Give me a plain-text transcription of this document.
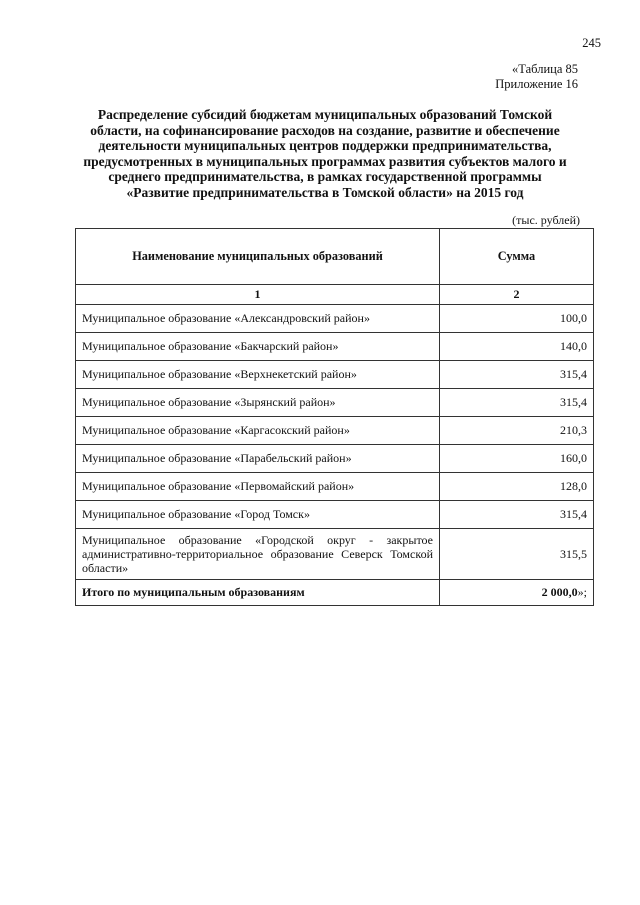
245
«Таблица 85
Приложение 16
Распределение субсидий бюджетам муниципальных образований Томской
области, на софинансирование расходов на создание, развитие и обеспечение
деятельности муниципальных центров поддержки предпринимательства,
предусмотренных в муниципальных программах развития субъектов малого и
среднего предпринимательства, в рамках государственной программы
«Развитие предпринимательства в Томской области» на 2015 год
(тыс. рублей)
Наименование муниципальных образований	Сумма
1	2
Муниципальное образование «Александровский район»	100,0
Муниципальное образование «Бакчарский район»	140,0
Муниципальное образование «Верхнекетский район»	315,4
Муниципальное образование «Зырянский район»	315,4
Муниципальное образование «Каргасокский район»	210,3
Муниципальное образование «Парабельский район»	160,0
Муниципальное образование «Первомайский район»	128,0
Муниципальное образование «Город Томск»	315,4
Муниципальное образование «Городской округ - закрытое административно-территориальное образование Северск Томской области»	315,5
Итого по муниципальным образованиям	2 000,0»;
